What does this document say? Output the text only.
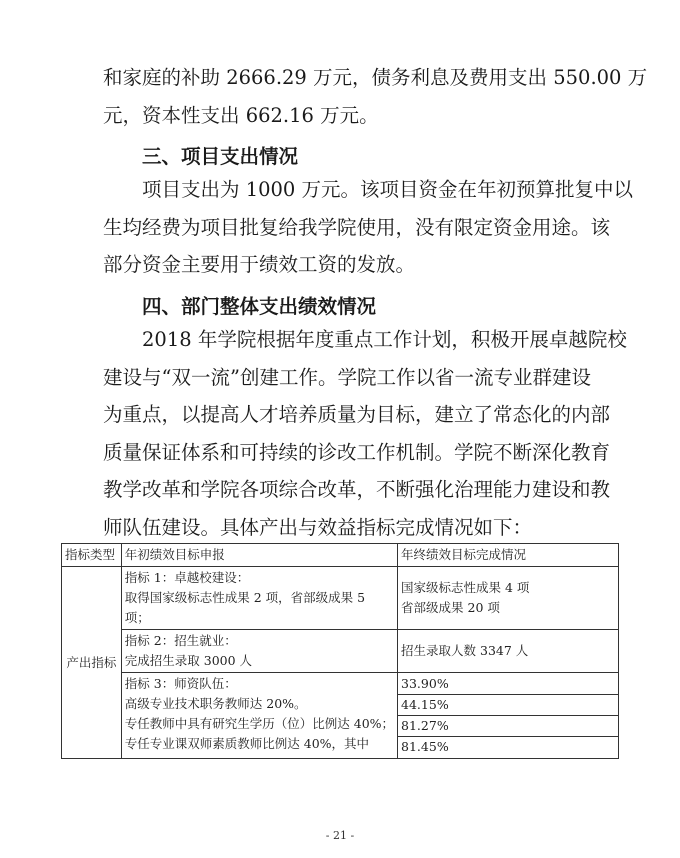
和家庭的补助 2666.29 万元，债务利息及费用支出 550.00 万
元，资本性支出 662.16 万元。
三、项目支出情况
项目支出为 1000 万元。该项目资金在年初预算批复中以
生均经费为项目批复给我学院使用，没有限定资金用途。该
部分资金主要用于绩效工资的发放。
四、部门整体支出绩效情况
2018 年学院根据年度重点工作计划，积极开展卓越院校
建设与“双一流”创建工作。学院工作以省一流专业群建设
为重点，以提高人才培养质量为目标，建立了常态化的内部
质量保证体系和可持续的诊改工作机制。学院不断深化教育
教学改革和学院各项综合改革，不断强化治理能力建设和教
师队伍建设。具体产出与效益指标完成情况如下：
指标类型	年初绩效目标申报	年终绩效目标完成情况
产出指标	指标 1：卓越校建设：
取得国家级标志性成果 2 项，省部级成果 5
项；	国家级标志性成果 4 项
省部级成果 20 项

	指标 2：招生就业：
完成招生录取 3000 人	招生录取人数 3347 人

	指标 3：师资队伍：
高级专业技术职务教师达 20%。
专任教师中具有研究生学历（位）比例达 40%；
专任专业课双师素质教师比例达 40%，其中	33.90%
44.15%
81.27%
81.45%
- 21 -
